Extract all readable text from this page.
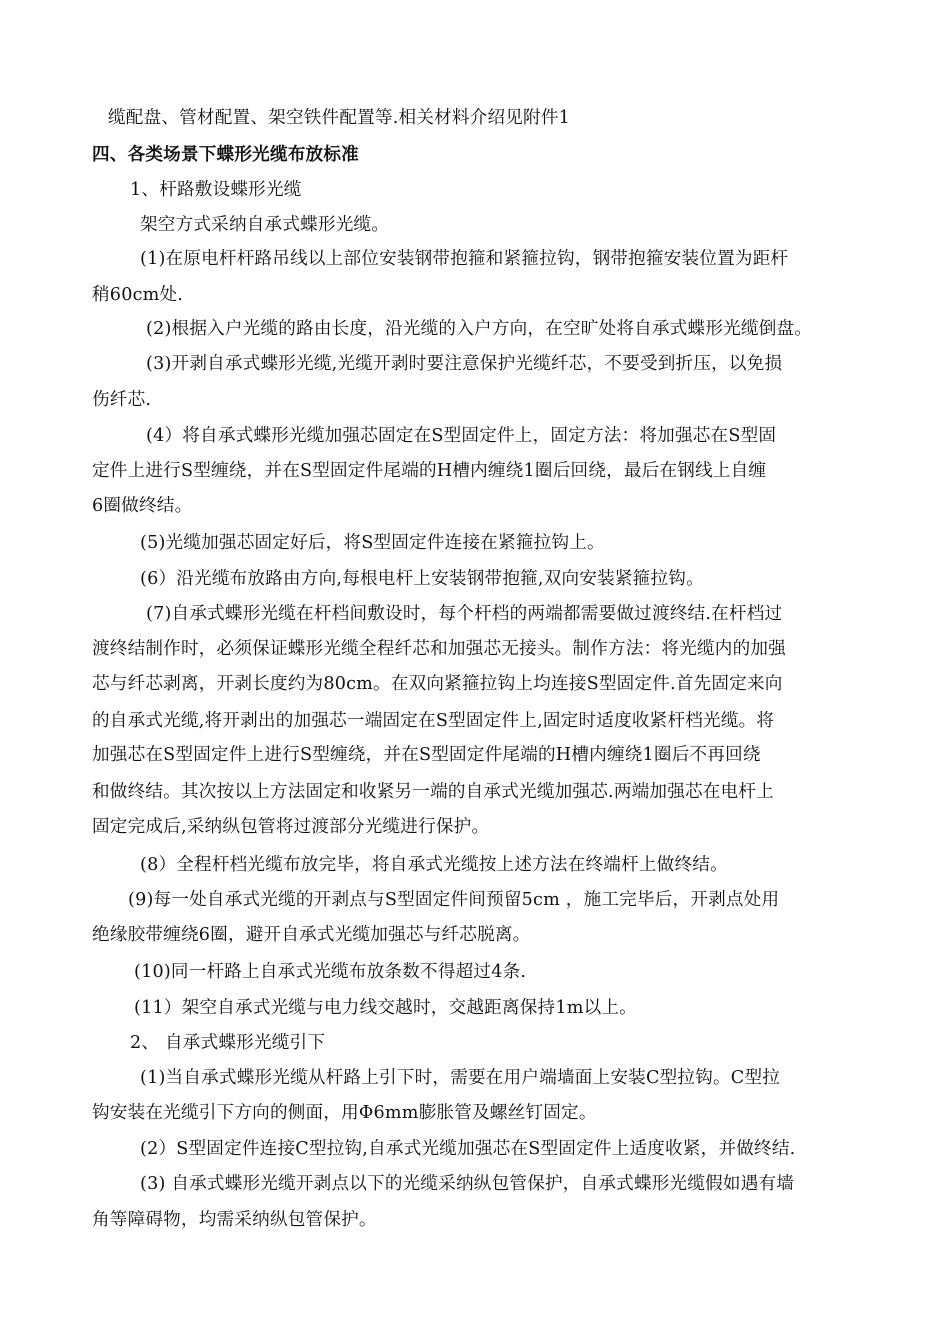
缆配盘、管材配置、架空铁件配置等.相关材料介绍见附件1
四、各类场景下蝶形光缆布放标准
1、杆路敷设蝶形光缆
架空方式采纳自承式蝶形光缆。
(1)在原电杆杆路吊线以上部位安装钢带抱箍和紧箍拉钩，钢带抱箍安装位置为距杆
稍60cm处.
(2)根据入户光缆的路由长度，沿光缆的入户方向，在空旷处将自承式蝶形光缆倒盘。
(3)开剥自承式蝶形光缆,光缆开剥时要注意保护光缆纤芯，不要受到折压，以免损
伤纤芯.
(4）将自承式蝶形光缆加强芯固定在S型固定件上，固定方法：将加强芯在S型固
定件上进行S型缠绕，并在S型固定件尾端的H槽内缠绕1圈后回绕，最后在钢线上自缠
6圈做终结。
(5)光缆加强芯固定好后，将S型固定件连接在紧箍拉钩上。
(6）沿光缆布放路由方向,每根电杆上安装钢带抱箍,双向安装紧箍拉钩。
(7)自承式蝶形光缆在杆档间敷设时，每个杆档的两端都需要做过渡终结.在杆档过
渡终结制作时，必须保证蝶形光缆全程纤芯和加强芯无接头。制作方法：将光缆内的加强
芯与纤芯剥离，开剥长度约为80cm。在双向紧箍拉钩上均连接S型固定件.首先固定来向
的自承式光缆,将开剥出的加强芯一端固定在S型固定件上,固定时适度收紧杆档光缆。将
加强芯在S型固定件上进行S型缠绕，并在S型固定件尾端的H槽内缠绕1圈后不再回绕
和做终结。其次按以上方法固定和收紧另一端的自承式光缆加强芯.两端加强芯在电杆上
固定完成后,采纳纵包管将过渡部分光缆进行保护。
(8）全程杆档光缆布放完毕，将自承式光缆按上述方法在终端杆上做终结。
(9)每一处自承式光缆的开剥点与S型固定件间预留5cm ，施工完毕后，开剥点处用
绝缘胶带缠绕6圈，避开自承式光缆加强芯与纤芯脱离。
(10)同一杆路上自承式光缆布放条数不得超过4条.
(11）架空自承式光缆与电力线交越时，交越距离保持1m以上。
2、 自承式蝶形光缆引下
(1)当自承式蝶形光缆从杆路上引下时，需要在用户端墙面上安装C型拉钩。C型拉
钩安装在光缆引下方向的侧面，用Φ6mm膨胀管及螺丝钉固定。
(2）S型固定件连接C型拉钩,自承式光缆加强芯在S型固定件上适度收紧，并做终结.
(3) 自承式蝶形光缆开剥点以下的光缆采纳纵包管保护，自承式蝶形光缆假如遇有墙
角等障碍物，均需采纳纵包管保护。
